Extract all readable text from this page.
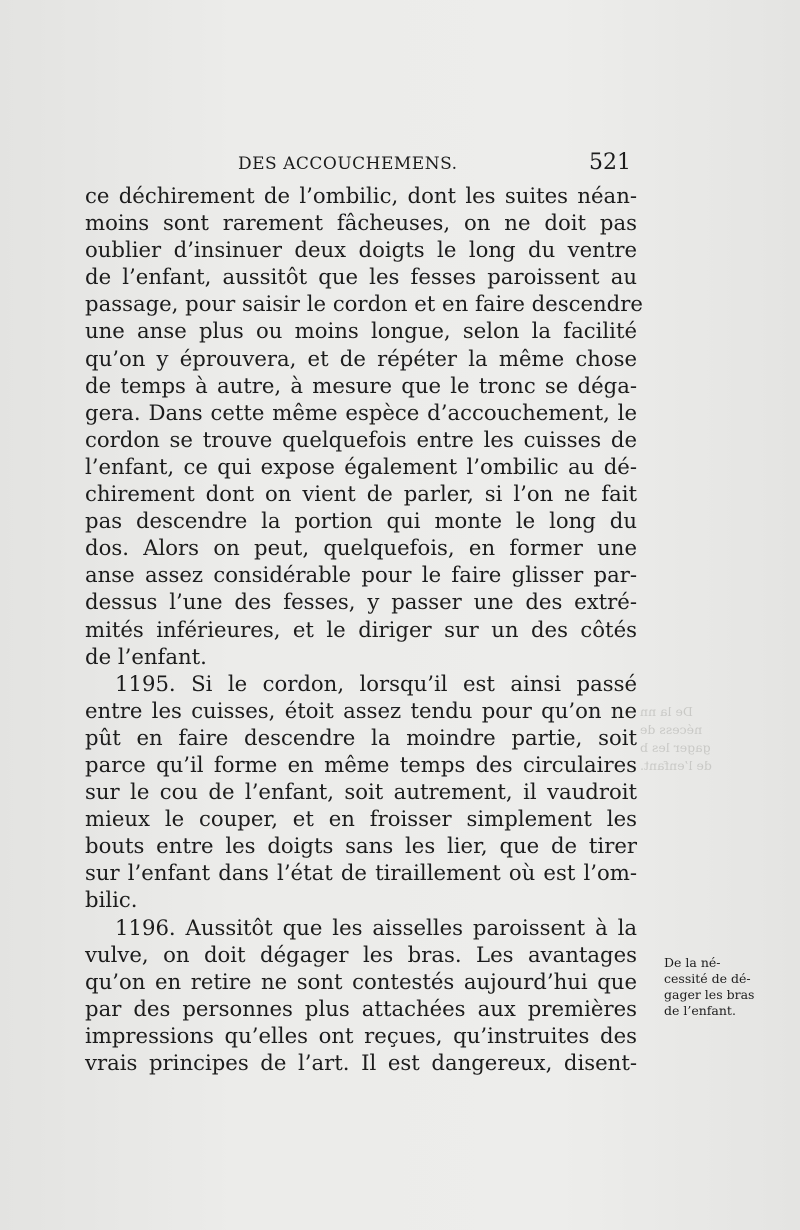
DES ACCOUCHEMENS.	521
ce déchirement de l’ombilic, dont les suites néan-
moins sont rarement fâcheuses, on ne doit pas
oublier d’insinuer deux doigts le long du ventre
de l’enfant, aussitôt que les fesses paroissent au
passage, pour saisir le cordon et en faire descendre
une anse plus ou moins longue, selon la facilité
qu’on y éprouvera, et de répéter la même chose
de temps à autre, à mesure que le tronc se déga-
gera. Dans cette même espèce d’accouchement, le
cordon se trouve quelquefois entre les cuisses de
l’enfant, ce qui expose également l’ombilic au dé-
chirement dont on vient de parler, si l’on ne fait
pas descendre la portion qui monte le long du
dos. Alors on peut, quelquefois, en former une
anse assez considérable pour le faire glisser par-
dessus l’une des fesses, y passer une des extré-
mités inférieures, et le diriger sur un des côtés
de l’enfant.
1195. Si le cordon, lorsqu’il est ainsi passé
entre les cuisses, étoit assez tendu pour qu’on ne
pût en faire descendre la moindre partie, soit
parce qu’il forme en même temps des circulaires
sur le cou de l’enfant, soit autrement, il vaudroit
mieux le couper, et en froisser simplement les
bouts entre les doigts sans les lier, que de tirer
sur l’enfant dans l’état de tiraillement où est l’om-
bilic.
1196. Aussitôt que les aisselles paroissent à la
vulve, on doit dégager les bras. Les avantages
qu’on en retire ne sont contestés aujourd’hui que
par des personnes plus attachées aux premières
impressions qu’elles ont reçues, qu’instruites des
vrais principes de l’art. Il est dangereux, disent-
De la né-
cessité de dé-
gager les bras
de l’enfant.
De la nn
nécess de
gager les b
de l’enfant.
